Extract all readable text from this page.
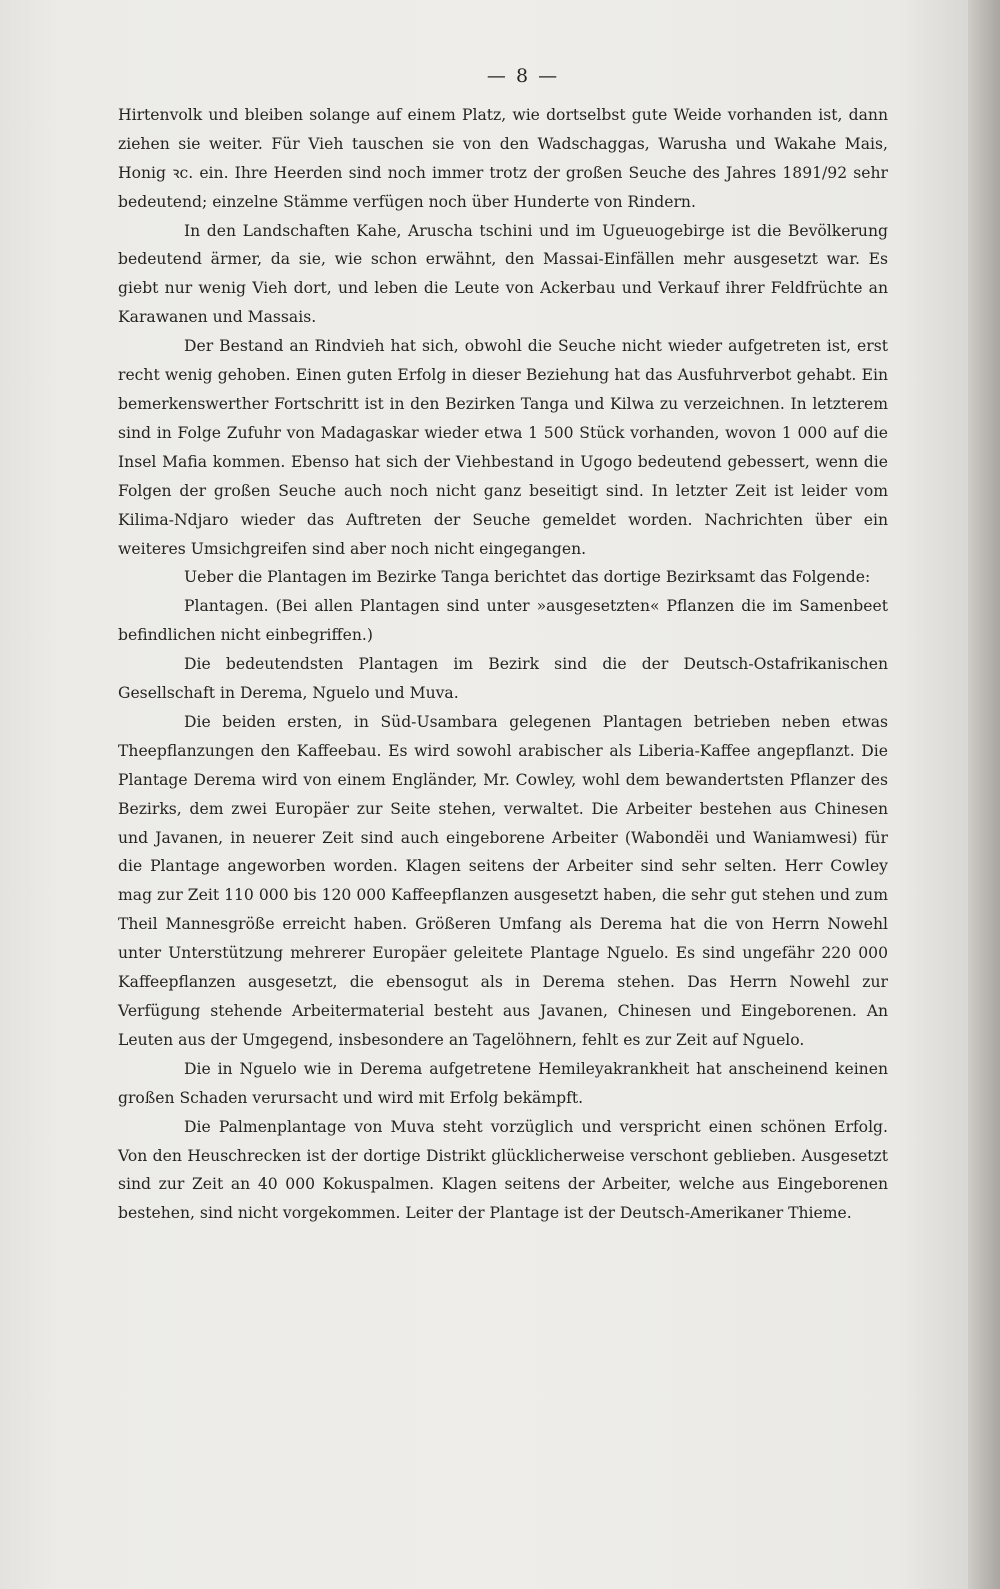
— 8 —

Hirtenvolk und bleiben solange auf einem Platz, wie dortselbst gute Weide vorhanden ist, dann ziehen sie weiter. Für Vieh tauschen sie von den Wadschaggas, Warusha und Wakahe Mais, Honig ꝛc. ein. Ihre Heerden sind noch immer trotz der großen Seuche des Jahres 1891/92 sehr bedeutend; einzelne Stämme verfügen noch über Hunderte von Rindern.

In den Landschaften Kahe, Aruscha tschini und im Ugueuogebirge ist die Bevölkerung bedeutend ärmer, da sie, wie schon erwähnt, den Massai-Einfällen mehr ausgesetzt war. Es giebt nur wenig Vieh dort, und leben die Leute von Ackerbau und Verkauf ihrer Feldfrüchte an Karawanen und Massais.

Der Bestand an Rindvieh hat sich, obwohl die Seuche nicht wieder aufgetreten ist, erst recht wenig gehoben. Einen guten Erfolg in dieser Beziehung hat das Ausfuhrverbot gehabt. Ein bemerkenswerther Fortschritt ist in den Bezirken Tanga und Kilwa zu verzeichnen. In letzterem sind in Folge Zufuhr von Madagaskar wieder etwa 1 500 Stück vorhanden, wovon 1 000 auf die Insel Mafia kommen. Ebenso hat sich der Viehbestand in Ugogo bedeutend gebessert, wenn die Folgen der großen Seuche auch noch nicht ganz beseitigt sind. In letzter Zeit ist leider vom Kilima-Ndjaro wieder das Auftreten der Seuche gemeldet worden. Nachrichten über ein weiteres Umsichgreifen sind aber noch nicht eingegangen.

Ueber die Plantagen im Bezirke Tanga berichtet das dortige Bezirksamt das Folgende:

Plantagen. (Bei allen Plantagen sind unter »ausgesetzten« Pflanzen die im Samenbeet befindlichen nicht einbegriffen.)

Die bedeutendsten Plantagen im Bezirk sind die der Deutsch-Ostafrikanischen Gesellschaft in Derema, Nguelo und Muva.

Die beiden ersten, in Süd-Usambara gelegenen Plantagen betrieben neben etwas Theepflanzungen den Kaffeebau. Es wird sowohl arabischer als Liberia-Kaffee angepflanzt. Die Plantage Derema wird von einem Engländer, Mr. Cowley, wohl dem bewandertsten Pflanzer des Bezirks, dem zwei Europäer zur Seite stehen, verwaltet. Die Arbeiter bestehen aus Chinesen und Javanen, in neuerer Zeit sind auch eingeborene Arbeiter (Wabondëi und Waniamwesi) für die Plantage angeworben worden. Klagen seitens der Arbeiter sind sehr selten. Herr Cowley mag zur Zeit 110 000 bis 120 000 Kaffeepflanzen ausgesetzt haben, die sehr gut stehen und zum Theil Mannesgröße erreicht haben. Größeren Umfang als Derema hat die von Herrn Nowehl unter Unterstützung mehrerer Europäer geleitete Plantage Nguelo. Es sind ungefähr 220 000 Kaffeepflanzen ausgesetzt, die ebensogut als in Derema stehen. Das Herrn Nowehl zur Verfügung stehende Arbeitermaterial besteht aus Javanen, Chinesen und Eingeborenen. An Leuten aus der Umgegend, insbesondere an Tagelöhnern, fehlt es zur Zeit auf Nguelo.

Die in Nguelo wie in Derema aufgetretene Hemileyakrankheit hat anscheinend keinen großen Schaden verursacht und wird mit Erfolg bekämpft.

Die Palmenplantage von Muva steht vorzüglich und verspricht einen schönen Erfolg. Von den Heuschrecken ist der dortige Distrikt glücklicherweise verschont geblieben. Ausgesetzt sind zur Zeit an 40 000 Kokuspalmen. Klagen seitens der Arbeiter, welche aus Eingeborenen bestehen, sind nicht vorgekommen. Leiter der Plantage ist der Deutsch-Amerikaner Thieme.
